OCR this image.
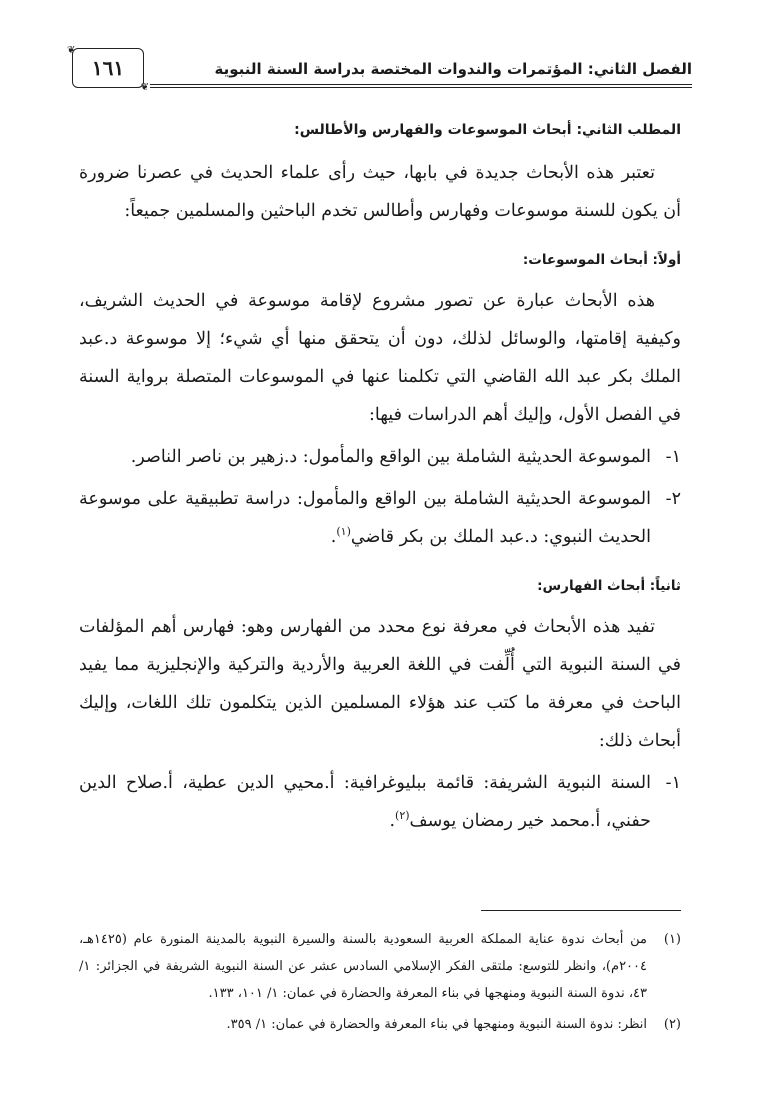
الفصل الثاني: المؤتمرات والندوات المختصة بدراسة السنة النبوية
❦
١٦١
❦
المطلب الثاني: أبحاث الموسوعات والفهارس والأطالس:

تعتبر هذه الأبحاث جديدة في بابها، حيث رأى علماء الحديث في عصرنا ضرورة أن يكون للسنة موسوعات وفهارس وأطالس تخدم الباحثين والمسلمين جميعاً:

أولاً: أبحاث الموسوعات:

هذه الأبحاث عبارة عن تصور مشروع لإقامة موسوعة في الحديث الشريف، وكيفية إقامتها، والوسائل لذلك، دون أن يتحقق منها أي شيء؛ إلا موسوعة د.عبد الملك بكر عبد الله القاضي التي تكلمنا عنها في الموسوعات المتصلة برواية السنة في الفصل الأول، وإليك أهم الدراسات فيها:

١-
الموسوعة الحديثية الشاملة بين الواقع والمأمول: د.زهير بن ناصر الناصر.
٢-
الموسوعة الحديثية الشاملة بين الواقع والمأمول: دراسة تطبيقية على موسوعة الحديث النبوي: د.عبد الملك بن بكر قاضي$^{(١)}$.
ثانياً: أبحاث الفهارس:

تفيد هذه الأبحاث في معرفة نوع محدد من الفهارس وهو: فهارس أهم المؤلفات في السنة النبوية التي أُلِّفت في اللغة العربية والأردية والتركية والإنجليزية مما يفيد الباحث في معرفة ما كتب عند هؤلاء المسلمين الذين يتكلمون تلك اللغات، وإليك أبحاث ذلك:

١-
السنة النبوية الشريفة: قائمة ببليوغرافية: أ.محيي الدين عطية، أ.صلاح الدين حفني، أ.محمد خير رمضان يوسف$^{(٢)}$.
(١)
من أبحاث ندوة عناية المملكة العربية السعودية بالسنة والسيرة النبوية بالمدينة المنورة عام (١٤٢٥هـ، ٢٠٠٤م)، وانظر للتوسع: ملتقى الفكر الإسلامي السادس عشر عن السنة النبوية الشريفة في الجزائر: ١/ ٤٣، ندوة السنة النبوية ومنهجها في بناء المعرفة والحضارة في عمان: ١/ ١٠١، ١٣٣.
(٢)
انظر: ندوة السنة النبوية ومنهجها في بناء المعرفة والحضارة في عمان: ١/ ٣٥٩.
